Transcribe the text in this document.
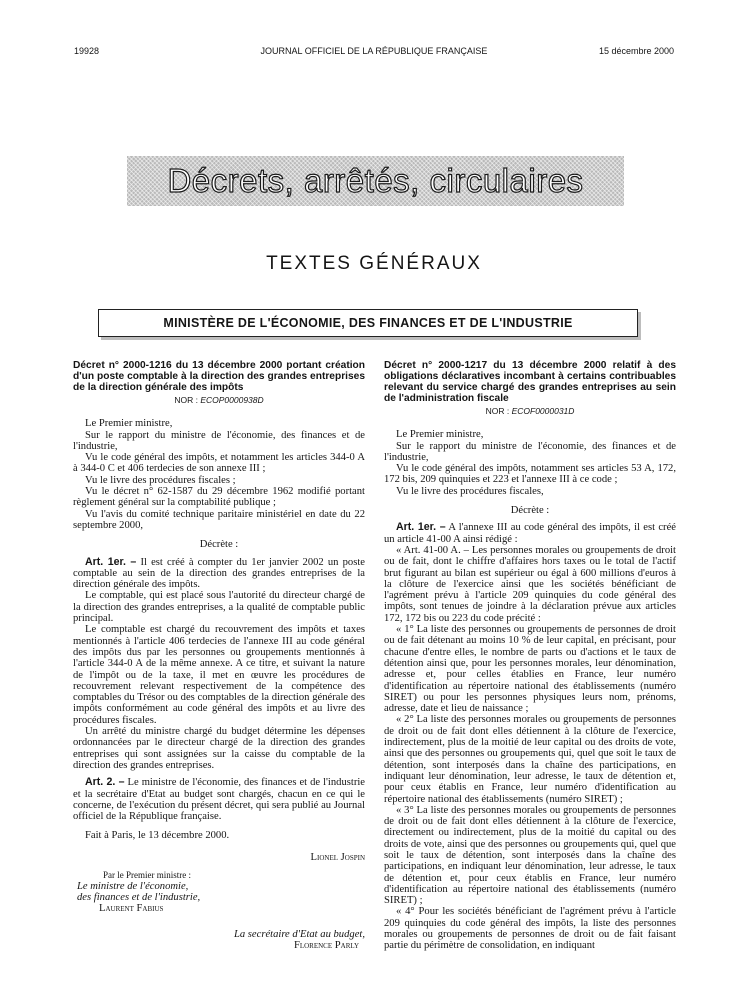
19928	JOURNAL OFFICIEL DE LA RÉPUBLIQUE FRANÇAISE	15 décembre 2000
Décrets, arrêtés, circulaires
TEXTES GÉNÉRAUX
MINISTÈRE DE L'ÉCONOMIE, DES FINANCES ET DE L'INDUSTRIE

Décret n° 2000-1216 du 13 décembre 2000 portant création d'un poste comptable à la direction des grandes entreprises de la direction générale des impôts

NOR : ECOP0000938D

Le Premier ministre,

Sur le rapport du ministre de l'économie, des finances et de l'industrie,

Vu le code général des impôts, et notamment les articles 344-0 A à 344-0 C et 406 terdecies de son annexe III ;

Vu le livre des procédures fiscales ;

Vu le décret n° 62-1587 du 29 décembre 1962 modifié portant règlement général sur la comptabilité publique ;

Vu l'avis du comité technique paritaire ministériel en date du 22 septembre 2000,

Décrète :

Art. 1er. – Il est créé à compter du 1er janvier 2002 un poste comptable au sein de la direction des grandes entreprises de la direction générale des impôts.

Le comptable, qui est placé sous l'autorité du directeur chargé de la direction des grandes entreprises, a la qualité de comptable public principal.

Le comptable est chargé du recouvrement des impôts et taxes mentionnés à l'article 406 terdecies de l'annexe III au code général des impôts dus par les personnes ou groupements mentionnés à l'article 344-0 A de la même annexe. A ce titre, et suivant la nature de l'impôt ou de la taxe, il met en œuvre les procédures de recouvrement relevant respectivement de la compétence des comptables du Trésor ou des comptables de la direction générale des impôts conformément au code général des impôts et au livre des procédures fiscales.

Un arrêté du ministre chargé du budget détermine les dépenses ordonnancées par le directeur chargé de la direction des grandes entreprises qui sont assignées sur la caisse du comptable de la direction des grandes entreprises.

Art. 2. – Le ministre de l'économie, des finances et de l'industrie et la secrétaire d'Etat au budget sont chargés, chacun en ce qui le concerne, de l'exécution du présent décret, qui sera publié au Journal officiel de la République française.

Fait à Paris, le 13 décembre 2000.

Lionel Jospin
Par le Premier ministre :
Le ministre de l'économie,
des finances et de l'industrie,
Laurent Fabius
La secrétaire d'Etat au budget,
Florence Parly

Décret n° 2000-1217 du 13 décembre 2000 relatif à des obligations déclaratives incombant à certains contribuables relevant du service chargé des grandes entreprises au sein de l'administration fiscale

NOR : ECOF0000031D

Le Premier ministre,

Sur le rapport du ministre de l'économie, des finances et de l'industrie,

Vu le code général des impôts, notamment ses articles 53 A, 172, 172 bis, 209 quinquies et 223 et l'annexe III à ce code ;

Vu le livre des procédures fiscales,

Décrète :

Art. 1er. – A l'annexe III au code général des impôts, il est créé un article 41-00 A ainsi rédigé :

« Art. 41-00 A. – Les personnes morales ou groupements de droit ou de fait, dont le chiffre d'affaires hors taxes ou le total de l'actif brut figurant au bilan est supérieur ou égal à 600 millions d'euros à la clôture de l'exercice ainsi que les sociétés bénéficiant de l'agrément prévu à l'article 209 quinquies du code général des impôts, sont tenues de joindre à la déclaration prévue aux articles 172, 172 bis ou 223 du code précité :

« 1° La liste des personnes ou groupements de personnes de droit ou de fait détenant au moins 10 % de leur capital, en précisant, pour chacune d'entre elles, le nombre de parts ou d'actions et le taux de détention ainsi que, pour les personnes morales, leur dénomination, adresse et, pour celles établies en France, leur numéro d'identification au répertoire national des établissements (numéro SIRET) ou pour les personnes physiques leurs nom, prénoms, adresse, date et lieu de naissance ;

« 2° La liste des personnes morales ou groupements de personnes de droit ou de fait dont elles détiennent à la clôture de l'exercice, indirectement, plus de la moitié de leur capital ou des droits de vote, ainsi que des personnes ou groupements qui, quel que soit le taux de détention, sont interposés dans la chaîne des participations, en indiquant leur dénomination, leur adresse, le taux de détention et, pour ceux établis en France, leur numéro d'identification au répertoire national des établissements (numéro SIRET) ;

« 3° La liste des personnes morales ou groupements de personnes de droit ou de fait dont elles détiennent à la clôture de l'exercice, directement ou indirectement, plus de la moitié du capital ou des droits de vote, ainsi que des personnes ou groupements qui, quel que soit le taux de détention, sont interposés dans la chaîne des participations, en indiquant leur dénomination, leur adresse, le taux de détention et, pour ceux établis en France, leur numéro d'identification au répertoire national des établissements (numéro SIRET) ;

« 4° Pour les sociétés bénéficiant de l'agrément prévu à l'article 209 quinquies du code général des impôts, la liste des personnes morales ou groupements de personnes de droit ou de fait faisant partie du périmètre de consolidation, en indiquant
